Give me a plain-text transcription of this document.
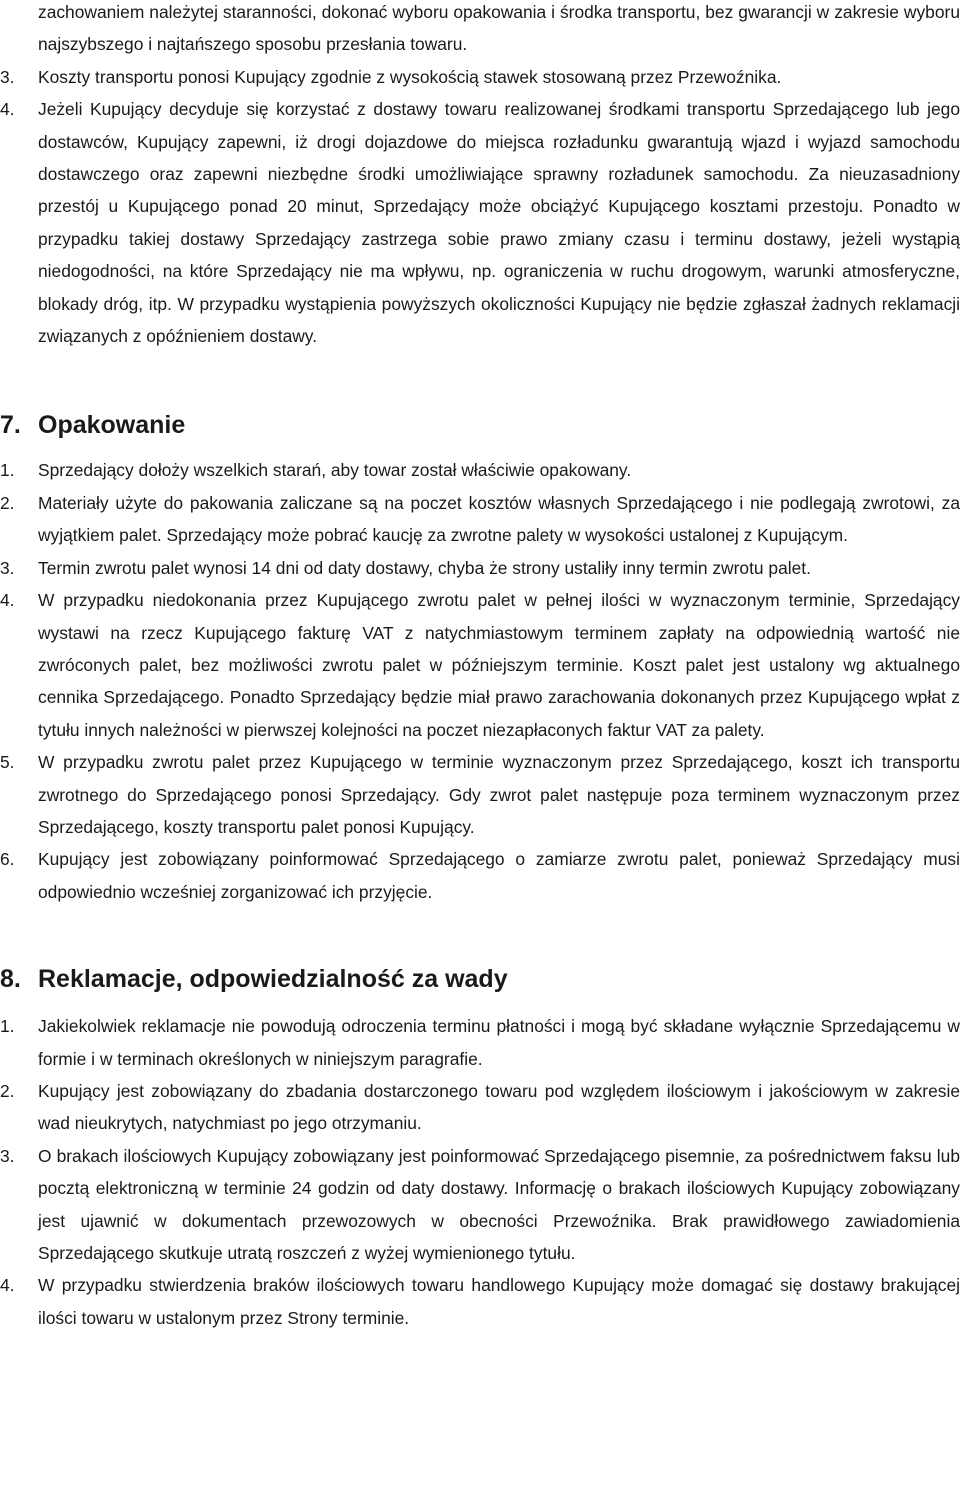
zachowaniem należytej staranności, dokonać wyboru opakowania i środka transportu, bez gwarancji w zakresie wyboru najszybszego i najtańszego sposobu przesłania towaru.
3. Koszty transportu ponosi Kupujący zgodnie z wysokością stawek stosowaną przez Przewoźnika.
4. Jeżeli Kupujący decyduje się korzystać z dostawy towaru realizowanej środkami transportu Sprzedającego lub jego dostawców, Kupujący zapewni, iż drogi dojazdowe do miejsca rozładunku gwarantują wjazd i wyjazd samochodu dostawczego oraz zapewni niezbędne środki umożliwiające sprawny rozładunek samochodu. Za nieuzasadniony przestój u Kupującego ponad 20 minut, Sprzedający może obciążyć Kupującego kosztami przestoju. Ponadto w przypadku takiej dostawy Sprzedający zastrzega sobie prawo zmiany czasu i terminu dostawy, jeżeli wystąpią niedogodności, na które Sprzedający nie ma wpływu, np. ograniczenia w ruchu drogowym, warunki atmosferyczne, blokady dróg, itp. W przypadku wystąpienia powyższych okoliczności Kupujący nie będzie zgłaszał żadnych reklamacji związanych z opóźnieniem dostawy.
7. Opakowanie
1. Sprzedający dołoży wszelkich starań, aby towar został właściwie opakowany.
2. Materiały użyte do pakowania zaliczane są na poczet kosztów własnych Sprzedającego i nie podlegają zwrotowi, za wyjątkiem palet. Sprzedający może pobrać kaucję za zwrotne palety w wysokości ustalonej z Kupującym.
3. Termin zwrotu palet wynosi 14 dni od daty dostawy, chyba że strony ustaliły inny termin zwrotu palet.
4. W przypadku niedokonania przez Kupującego zwrotu palet w pełnej ilości w wyznaczonym terminie, Sprzedający wystawi na rzecz Kupującego fakturę VAT z natychmiastowym terminem zapłaty na odpowiednią wartość nie zwróconych palet, bez możliwości zwrotu palet w późniejszym terminie. Koszt palet jest ustalony wg aktualnego cennika Sprzedającego. Ponadto Sprzedający będzie miał prawo zarachowania dokonanych przez Kupującego wpłat z tytułu innych należności w pierwszej kolejności na poczet niezapłaconych faktur VAT za palety.
5. W przypadku zwrotu palet przez Kupującego w terminie wyznaczonym przez Sprzedającego, koszt ich transportu zwrotnego do Sprzedającego ponosi Sprzedający. Gdy zwrot palet następuje poza terminem wyznaczonym przez Sprzedającego, koszty transportu palet ponosi Kupujący.
6. Kupujący jest zobowiązany poinformować Sprzedającego o zamiarze zwrotu palet, ponieważ Sprzedający musi odpowiednio wcześniej zorganizować ich przyjęcie.
8. Reklamacje, odpowiedzialność za wady
1. Jakiekolwiek reklamacje nie powodują odroczenia terminu płatności i mogą być składane wyłącznie Sprzedającemu w formie i w terminach określonych w niniejszym paragrafie.
2. Kupujący jest zobowiązany do zbadania dostarczonego towaru pod względem ilościowym i jakościowym w zakresie wad nieukrytych, natychmiast po jego otrzymaniu.
3. O brakach ilościowych Kupujący zobowiązany jest poinformować Sprzedającego pisemnie, za pośrednictwem faksu lub pocztą elektroniczną w terminie 24 godzin od daty dostawy. Informację o brakach ilościowych Kupujący zobowiązany jest ujawnić w dokumentach przewozowych w obecności Przewoźnika. Brak prawidłowego zawiadomienia Sprzedającego skutkuje utratą roszczeń z wyżej wymienionego tytułu.
4. W przypadku stwierdzenia braków ilościowych towaru handlowego Kupujący może domagać się dostawy brakującej ilości towaru w ustalonym przez Strony terminie.
